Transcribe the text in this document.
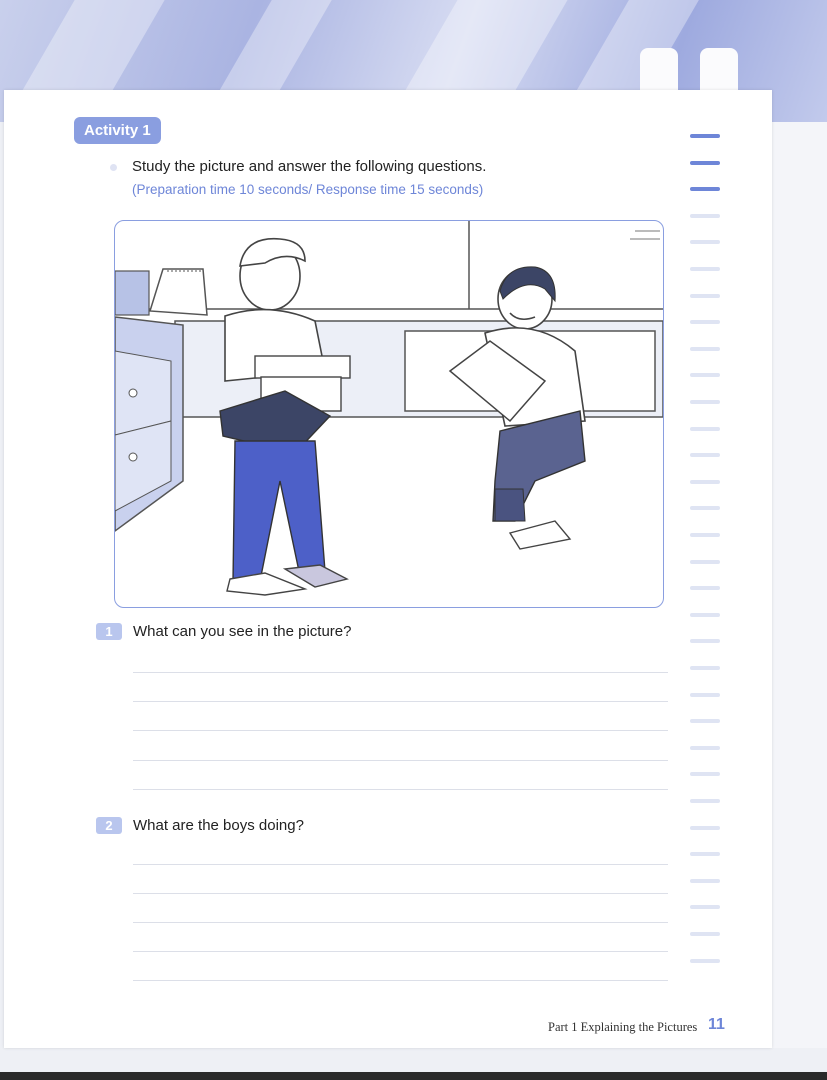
Activity 1
Study the picture and answer the following questions.
(Preparation time 10 seconds/ Response time 15 seconds)
1	What can you see in the picture?
2	What are the boys doing?
Part 1 Explaining the Pictures 11
